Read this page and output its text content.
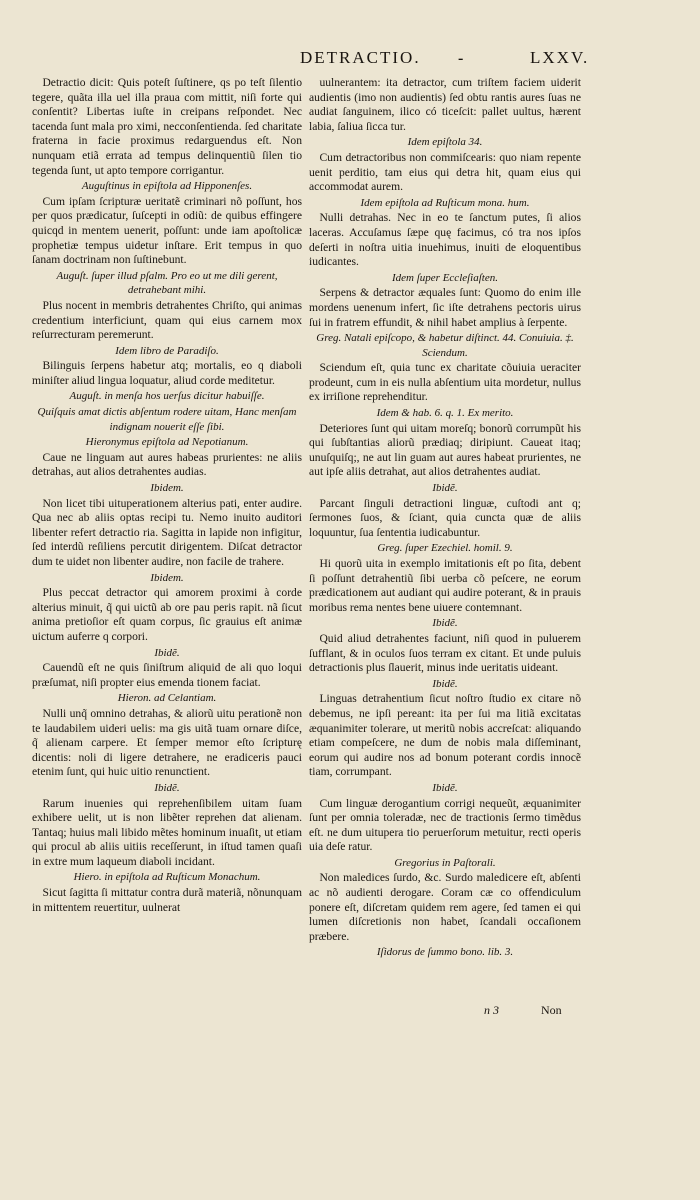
DETRACTIO. -	LXXV.

Detractio dicit: Quis poteſt ſuſtinere, qs po teſt ſilentio tegere, quãta illa uel illa praua com mittit, niſi forte qui conſentit? Libertas iuſte in creipans reſpondet. Nec tacenda ſunt mala pro ximi, necconſentienda. ſed charitate fraterna in facie proximus redarguendus eſt. Non nunquam etiã errata ad tempus delinquentiũ ſilen tio tegenda ſunt, ut apto tempore corrigantur.

Auguſtinus in epiſtola ad Hipponenſes.

Cum ipſam ſcripturæ ueritatẽ criminari nõ poſſunt, hos per quos prædicatur, ſuſcepti in odiũ: de quibus effingere quicqd in mentem uenerit, poſſunt: unde iam apoſtolicæ prophetiæ tempus uidetur inſtare. Erit tempus in quo ſanam doctrinam non ſuſtinebunt.

Auguſt. ſuper illud pſalm. Pro eo ut me dili gerent, detrahebant mihi.

Plus nocent in membris detrahentes Chriſto, qui animas credentium interficiunt, quam qui eius carnem mox reſurrecturam peremerunt.

Idem libro de Paradiſo.

Bilinguis ſerpens habetur atq; mortalis, eo q diaboli miniſter aliud lingua loquatur, aliud corde meditetur.

Auguſt. in menſa hos uerſus dicitur habuiſſe.

Quiſquis amat dictis abſentum rodere uitam, Hanc menſam indignam nouerit eſſe ſibi.

Hieronymus epiſtola ad Nepotianum.

Caue ne linguam aut aures habeas prurientes: ne aliis detrahas, aut alios detrahentes audias.

Ibidem.

Non licet tibi uituperationem alterius pati, enter audire. Qua nec ab aliis optas recipi tu. Nemo inuito auditori libenter refert detractio ria. Sagitta in lapide non infigitur, ſed interdũ reſiliens percutit dirigentem. Diſcat detractor dum te uidet non libenter audire, non facile de trahere.

Ibidem.

Plus peccat detractor qui amorem proximi à corde alterius minuit, q̃ qui uictũ ab ore pau peris rapit. nã ſicut anima pretioſior eſt quam corpus, ſic grauius eſt animæ uictum auferre q corpori.

Ibidẽ.

Cauendũ eſt ne quis ſiniſtrum aliquid de ali quo loqui præſumat, niſi propter eius emenda tionem faciat.

Hieron. ad Celantiam.

Nulli unq̃ omnino detrahas, & aliorũ uitu perationẽ non te laudabilem uideri uelis: ma gis uitã tuam ornare diſce, q̃ alienam carpere. Et ſemper memor eſto ſcripturę dicentis: noli di ligere detrahere, ne eradiceris pauci etenim ſunt, qui huic uitio renunctient.

Ibidẽ.

Rarum inuenies qui reprehenſibilem uitam ſuam exhibere uelit, ut is non libẽter reprehen dat alienam. Tantaq; huius mali libido mẽtes hominum inuaſit, ut etiam qui procul ab aliis uitiis receſſerunt, in iſtud tamen quaſi in extre mum laqueum diaboli incidant.

Hiero. in epiſtola ad Ruſticum Monachum.

Sicut ſagitta ſi mittatur contra durã materiã, nõnunquam in mittentem reuertitur, uulnerat

uulnerantem: ita detractor, cum triſtem faciem uiderit audientis (imo non audientis) ſed obtu rantis aures ſuas ne audiat ſanguinem, ilico có ticeſcit: pallet uultus, hærent labia, ſaliua ſicca tur.

Idem epiſtola 34.

Cum detractoribus non commiſcearis: quo niam repente uenit perditio, tam eius qui detra hit, quam eius qui accommodat aurem.

Idem epiſtola ad Ruſticum mona. hum.

Nulli detrahas. Nec in eo te ſanctum putes, ſi alios laceras. Accuſamus ſæpe quę facimus, có tra nos ipſos deſerti in noſtra uitia inuehimus, inuiti de eloquentibus iudicantes.

Idem ſuper Eccleſiaſten.

Serpens & detractor æquales ſunt: Quomo do enim ille mordens uenenum infert, ſic iſte detrahens pectoris uirus ſui in fratrem effundit, & nihil habet amplius à ſerpente.

Greg. Natali epiſcopo, & habetur diſtinct. 44. Conuiuia. ‡. Sciendum.

Sciendum eſt, quia tunc ex charitate cõuiuia ueraciter prodeunt, cum in eis nulla abſentium uita mordetur, nullus ex irriſione reprehenditur.

Idem & hab. 6. q. 1. Ex merito.

Deteriores ſunt qui uitam moreſq; bonorũ corrumpũt his qui ſubſtantias aliorũ prædiaq; diripiunt. Caueat itaq; unuſquiſq;, ne aut lin guam aut aures habeat prurientes, ne aut ipſe aliis detrahat, aut alios detrahentes audiat.

Ibidẽ.

Parcant ſinguli detractioni linguæ, cuſtodi ant q; ſermones ſuos, & ſciant, quia cuncta quæ de aliis loquuntur, ſua ſententia iudicabuntur.

Greg. ſuper Ezechiel. homil. 9.

Hi quorũ uita in exemplo imitationis eſt po ſita, debent ſi poſſunt detrahentiũ ſibi uerba cõ peſcere, ne eorum prædicationem aut audiant qui audire poterant, & in prauis moribus rema nentes bene uiuere contemnant.

Ibidẽ.

Quid aliud detrahentes faciunt, niſi quod in puluerem ſufflant, & in oculos ſuos terram ex citant. Et unde puluis detractionis plus ſlauerit, minus inde ueritatis uideant.

Ibidẽ.

Linguas detrahentium ſicut noſtro ſtudio ex citare nõ debemus, ne ipſi pereant: ita per ſui ma litiã excitatas æquanimiter tolerare, ut meritũ nobis accreſcat: aliquando etiam compeſcere, ne dum de nobis mala diſſeminant, eorum qui audire nos ad bonum poterant cordis innocẽ tiam, corrumpant.

Ibidẽ.

Cum linguæ derogantium corrigi nequeũt, æquanimiter ſunt per omnia toleradæ, nec de tractionis ſermo timẽdus eſt. ne dum uitupera tio peruerſorum metuitur, recti operis uia deſe ratur.

Gregorius in Paſtorali.

Non maledices ſurdo, &c. Surdo maledicere eſt, abſenti ac nõ audienti derogare. Coram cæ co offendiculum ponere eſt, diſcretam quidem rem agere, ſed tamen ei qui lumen diſcretionis non habet, ſcandali occaſionem præbere.

Iſidorus de ſummo bono. lib. 3.

n 3	Non
